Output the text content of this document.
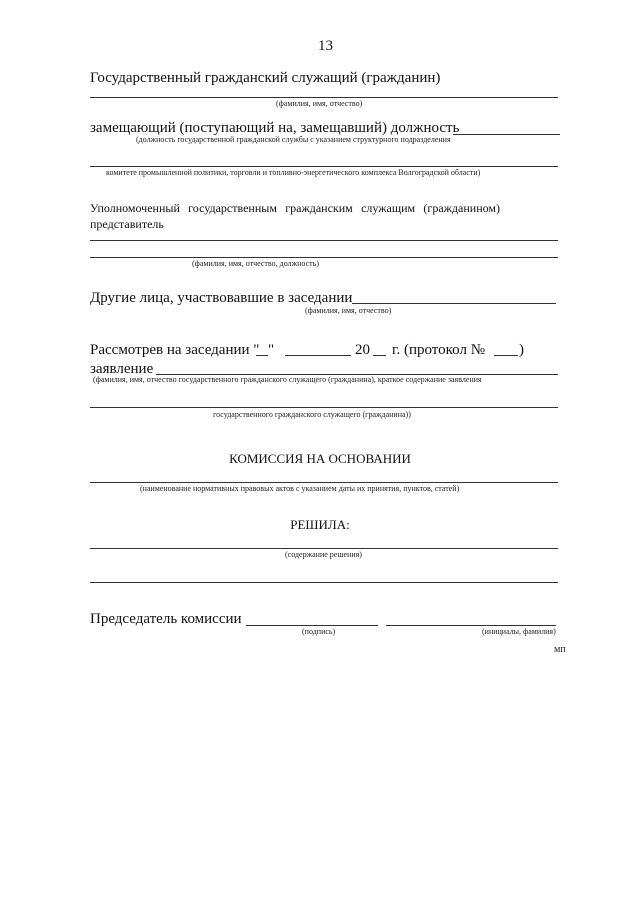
13
Государственный гражданский служащий (гражданин)
(фамилия, имя, отчество)
замещающий (поступающий на, замещавший) должность
(должность государственной гражданской службы с указанием структурного подразделения
комитете промышленной политики, торговли и топливно-энергетического комплекса Волгоградской области)
Уполномоченный государственным гражданским служащим (гражданином)
представитель
(фамилия, имя, отчество, должность)
Другие лица, участвовавшие в заседании
(фамилия, имя, отчество)
Рассмотрев на заседании " "	20 г. (протокол № )
заявление
(фамилия, имя, отчество государственного гражданского служащего (гражданина), краткое содержание заявления
государственного гражданского служащего (гражданина))
КОМИССИЯ НА ОСНОВАНИИ
(наименование нормативных правовых актов с указанием даты их принятия, пунктов, статей)
РЕШИЛА:
(содержание решения)
Председатель комиссии
(подпись)	(инициалы, фамилия)
мп
